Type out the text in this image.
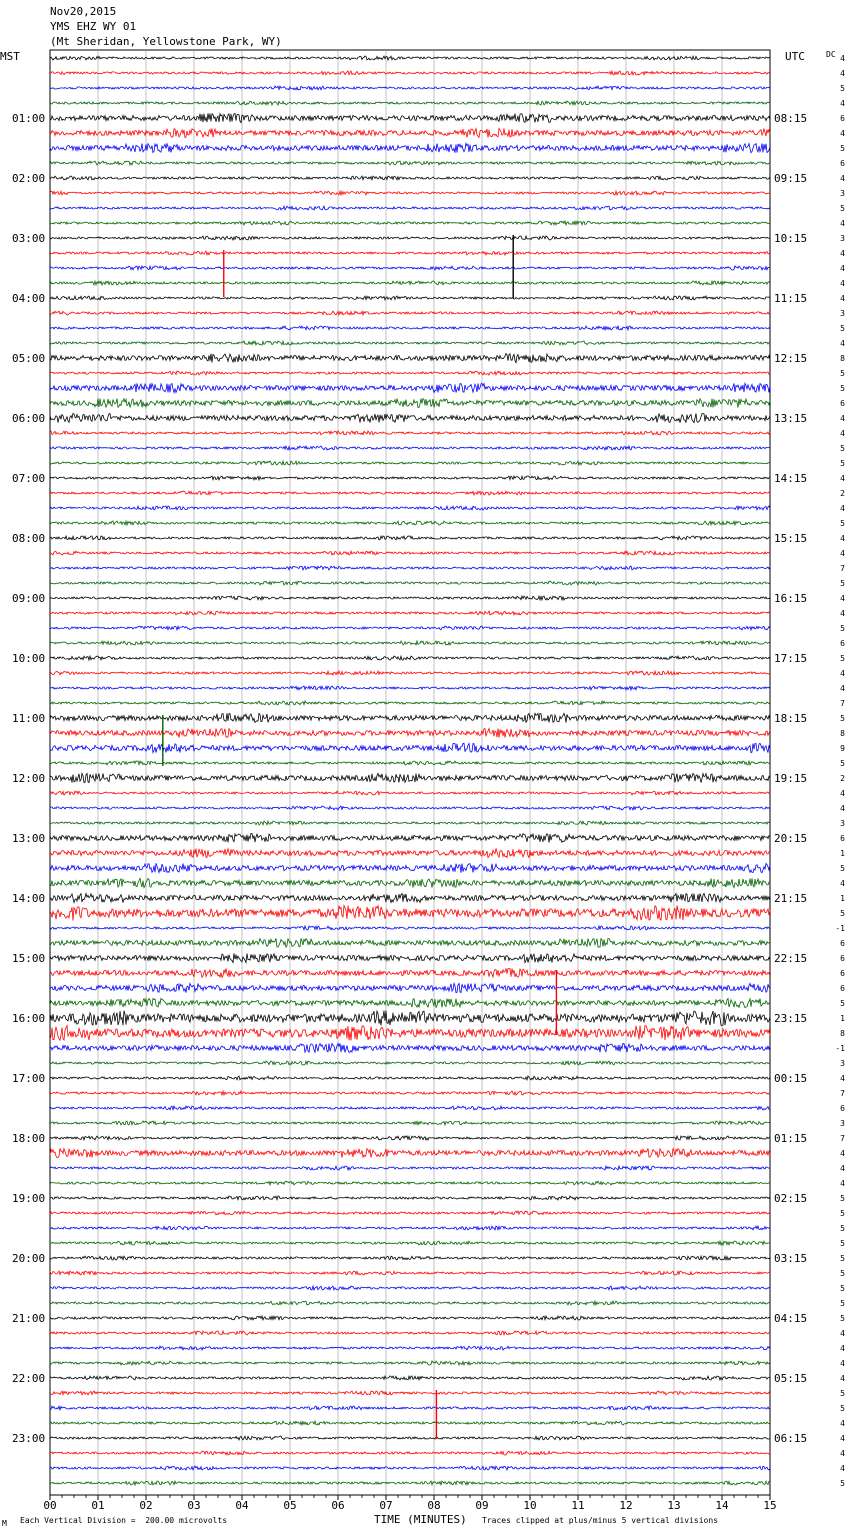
Nov20,2015
YMS EHZ WY 01
(Mt Sheridan, Yellowstone Park, WY)
MST	UTC	DC
01:00
02:00
03:00
04:00
05:00
06:00
07:00
08:00
09:00
10:00
11:00
12:00
13:00
14:00
15:00
16:00
17:00
18:00
19:00
20:00
21:00
22:00
23:00
08:15
09:15
10:15
11:15
12:15
13:15
14:15
15:15
16:15
17:15
18:15
19:15
20:15
21:15
22:15
23:15
00:15
01:15
02:15
03:15
04:15
05:15
06:15
4
4
5
4
6
4
5
6
4
3
5
4
3
4
4
4
4
3
5
4
8
5
5
6
4
4
5
5
4
2
4
5
4
4
7
5
4
4
5
6
5
4
4
7
5
8
9
5
2
4
4
3
6
1
5
4
1
5
-1
6
6
6
6
5
1
8
-1
3
4
7
6
3
7
4
4
4
5
5
5
5
5
5
5
5
5
4
4
4
4
5
5
4
4
4
4
5
00	01	02	03	04	05	06	07	08	09	10	11	12	13	14	15
M Each Vertical Division =  200.00 microvolts	TIME (MINUTES) Traces clipped at plus/minus 5 vertical divisions
